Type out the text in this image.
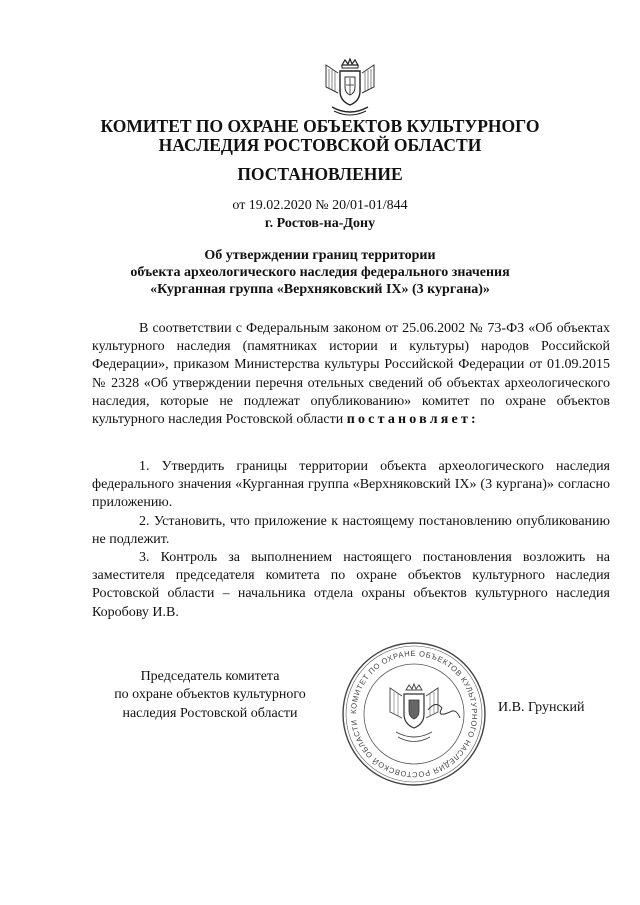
КОМИТЕТ ПО ОХРАНЕ ОБЪЕКТОВ КУЛЬТУРНОГО
НАСЛЕДИЯ РОСТОВСКОЙ ОБЛАСТИ
ПОСТАНОВЛЕНИЕ
от 19.02.2020 № 20/01-01/844
г. Ростов-на-Дону
Об утверждении границ территории
объекта археологического наследия федерального значения
«Курганная группа «Верхняковский IX» (3 кургана)»

В соответствии с Федеральным законом от 25.06.2002 № 73-ФЗ «Об объектах культурного наследия (памятниках истории и культуры) народов Российской Федерации», приказом Министерства культуры Российской Федерации от 01.09.2015 № 2328 «Об утверждении перечня отельных сведений об объектах археологического наследия, которые не подлежат опубликованию» комитет по охране объектов культурного наследия Ростовской области постановляет:

1. Утвердить границы территории объекта археологического наследия федерального значения «Курганная группа «Верхняковский IX» (3 кургана)» согласно приложению.

2. Установить, что приложение к настоящему постановлению опубликованию не подлежит.

3. Контроль за выполнением настоящего постановления возложить на заместителя председателя комитета по охране объектов культурного наследия Ростовской области – начальника отдела охраны объектов культурного наследия Коробову И.В.

Председатель комитета
по охране объектов культурного
наследия Ростовской области	КОМИТЕТ ПО ОХРАНЕ ОБЪЕКТОВ КУЛЬТУРНОГО НАСЛЕДИЯ РОСТОВСКОЙ ОБЛАСТИ
И.В. Грунский
